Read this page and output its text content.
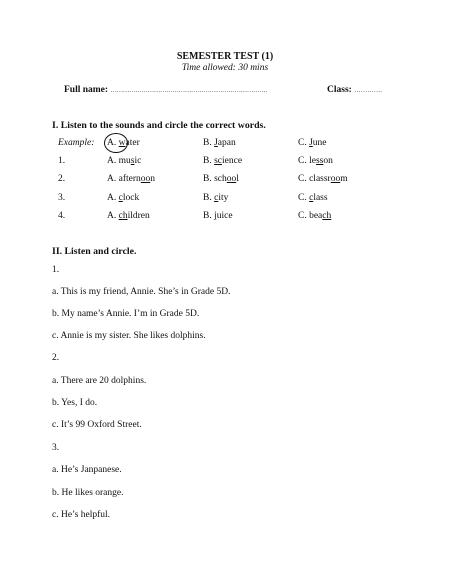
SEMESTER TEST (1)
Time allowed: 30 mins
Full name: ………………………………………………………………….	Class: ………….
I. Listen to the sounds and circle the correct words.
Example: A. water	B. Japan	C. June
1.	A. music	B. science	C. lesson
2.	A. afternoon	B. school	C. classroom
3.	A. clock	B. city	C. class
4.	A. children	B. juice	C. beach
II. Listen and circle.
1.
a. This is my friend, Annie. She’s in Grade 5D.
b. My name’s Annie. I’m in Grade 5D.
c. Annie is my sister. She likes dolphins.
2.
a. There are 20 dolphins.
b. Yes, I do.
c. It’s 99 Oxford Street.
3.
a. He’s Janpanese.
b. He likes orange.
c. He’s helpful.
